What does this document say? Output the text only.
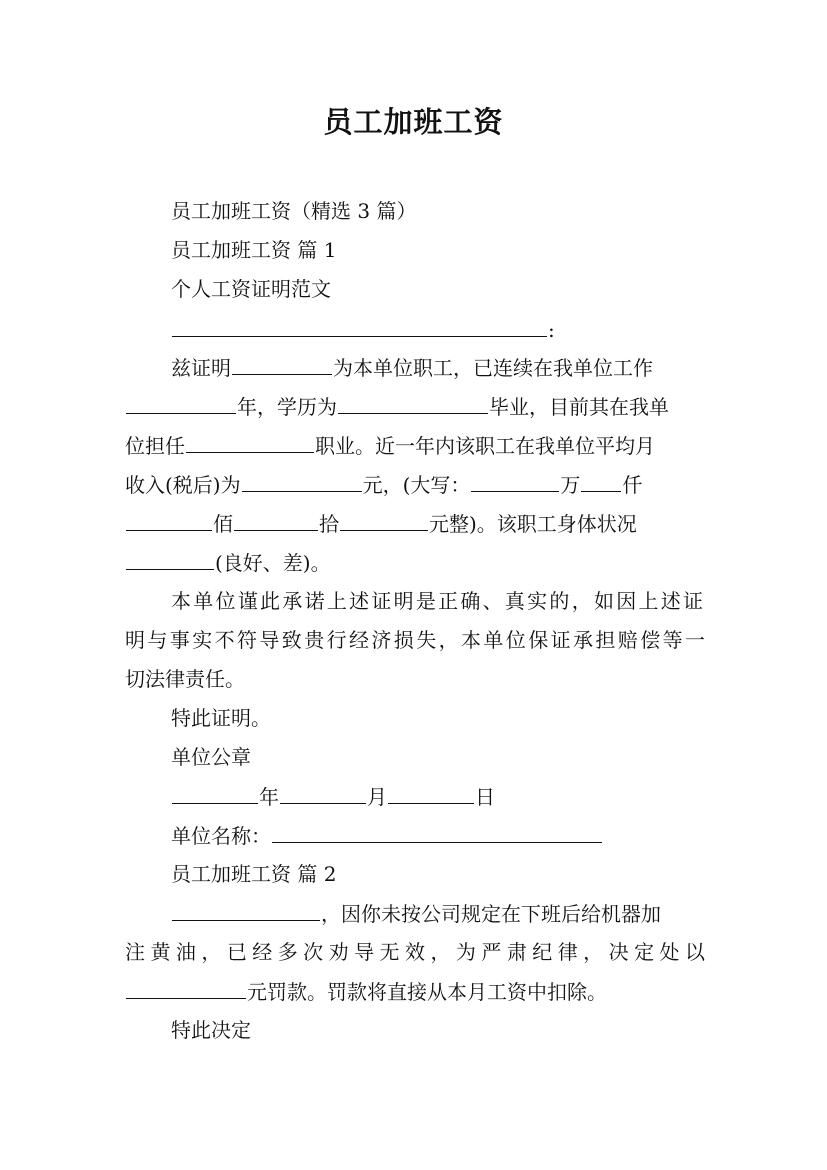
员工加班工资
员工加班工资（精选 3 篇）
员工加班工资 篇 1
个人工资证明范文
:
兹证明	为本单位职工，已连续在我单位工作
年，学历为	毕业，目前其在我单
位担任	职业。近一年内该职工在我单位平均月
收入(税后)为	元，(大写：	万 仟
佰	拾	元整)。该职工身体状况
(良好、差)。
本单位谨此承诺上述证明是正确、真实的，如因上述证
明与事实不符导致贵行经济损失，本单位保证承担赔偿等一
切法律责任。
特此证明。
单位公章
年	月	日
单位名称：
员工加班工资 篇 2
，因你未按公司规定在下班后给机器加
注黄油，已经多次劝导无效，为严肃纪律，决定处以
元罚款。罚款将直接从本月工资中扣除。
特此决定
